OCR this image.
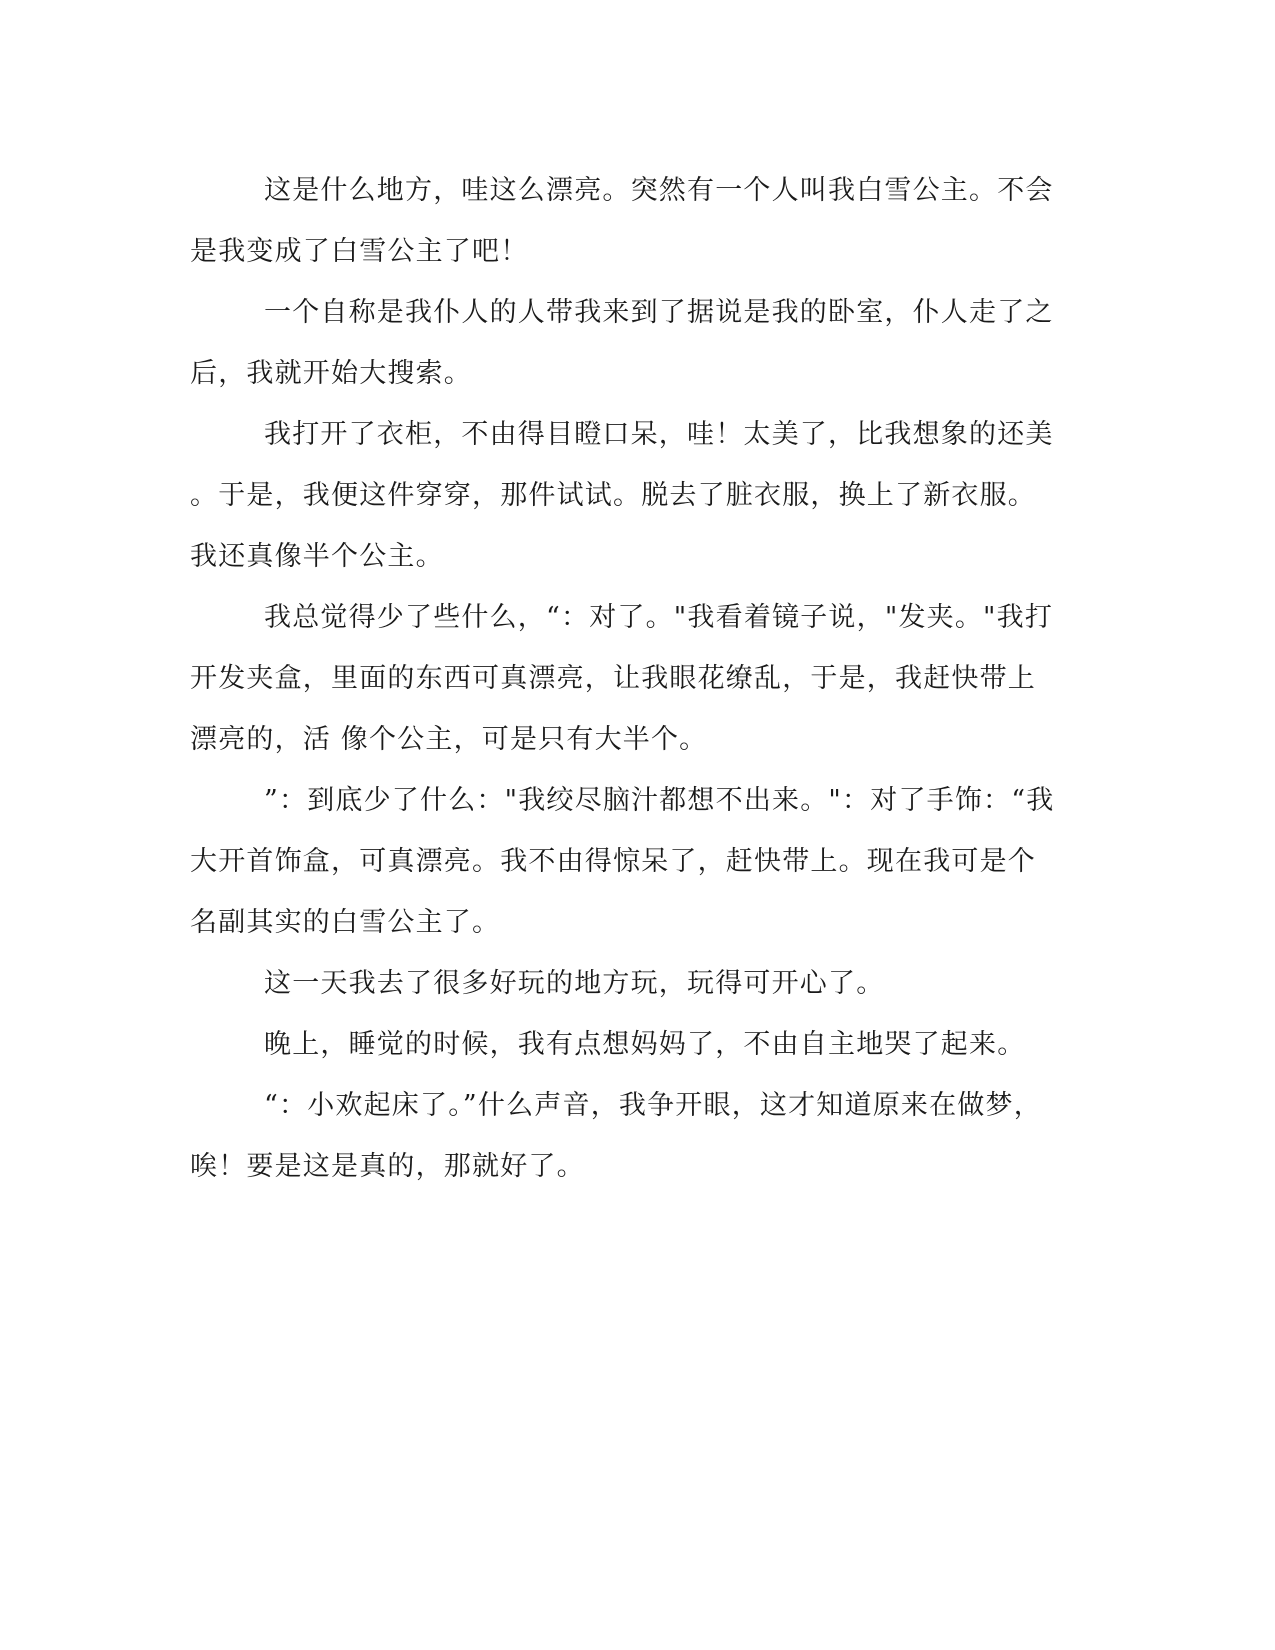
这是什么地方，哇这么漂亮。突然有一个人叫我白雪公主。不会
是我变成了白雪公主了吧！
一个自称是我仆人的人带我来到了据说是我的卧室，仆人走了之
后，我就开始大搜索。
我打开了衣柜，不由得目瞪口呆，哇！太美了，比我想象的还美
。于是，我便这件穿穿，那件试试。脱去了脏衣服，换上了新衣服。
我还真像半个公主。
我总觉得少了些什么，“：对了。"我看着镜子说，"发夹。"我打
开发夹盒，里面的东西可真漂亮，让我眼花缭乱，于是，我赶快带上
漂亮的，活 像个公主，可是只有大半个。
”：到底少了什么："我绞尽脑汁都想不出来。"：对了手饰：“我
大开首饰盒，可真漂亮。我不由得惊呆了，赶快带上。现在我可是个
名副其实的白雪公主了。
这一天我去了很多好玩的地方玩，玩得可开心了。
晚上，睡觉的时候，我有点想妈妈了，不由自主地哭了起来。
“：小欢起床了。”什么声音，我争开眼，这才知道原来在做梦，
唉！要是这是真的，那就好了。
